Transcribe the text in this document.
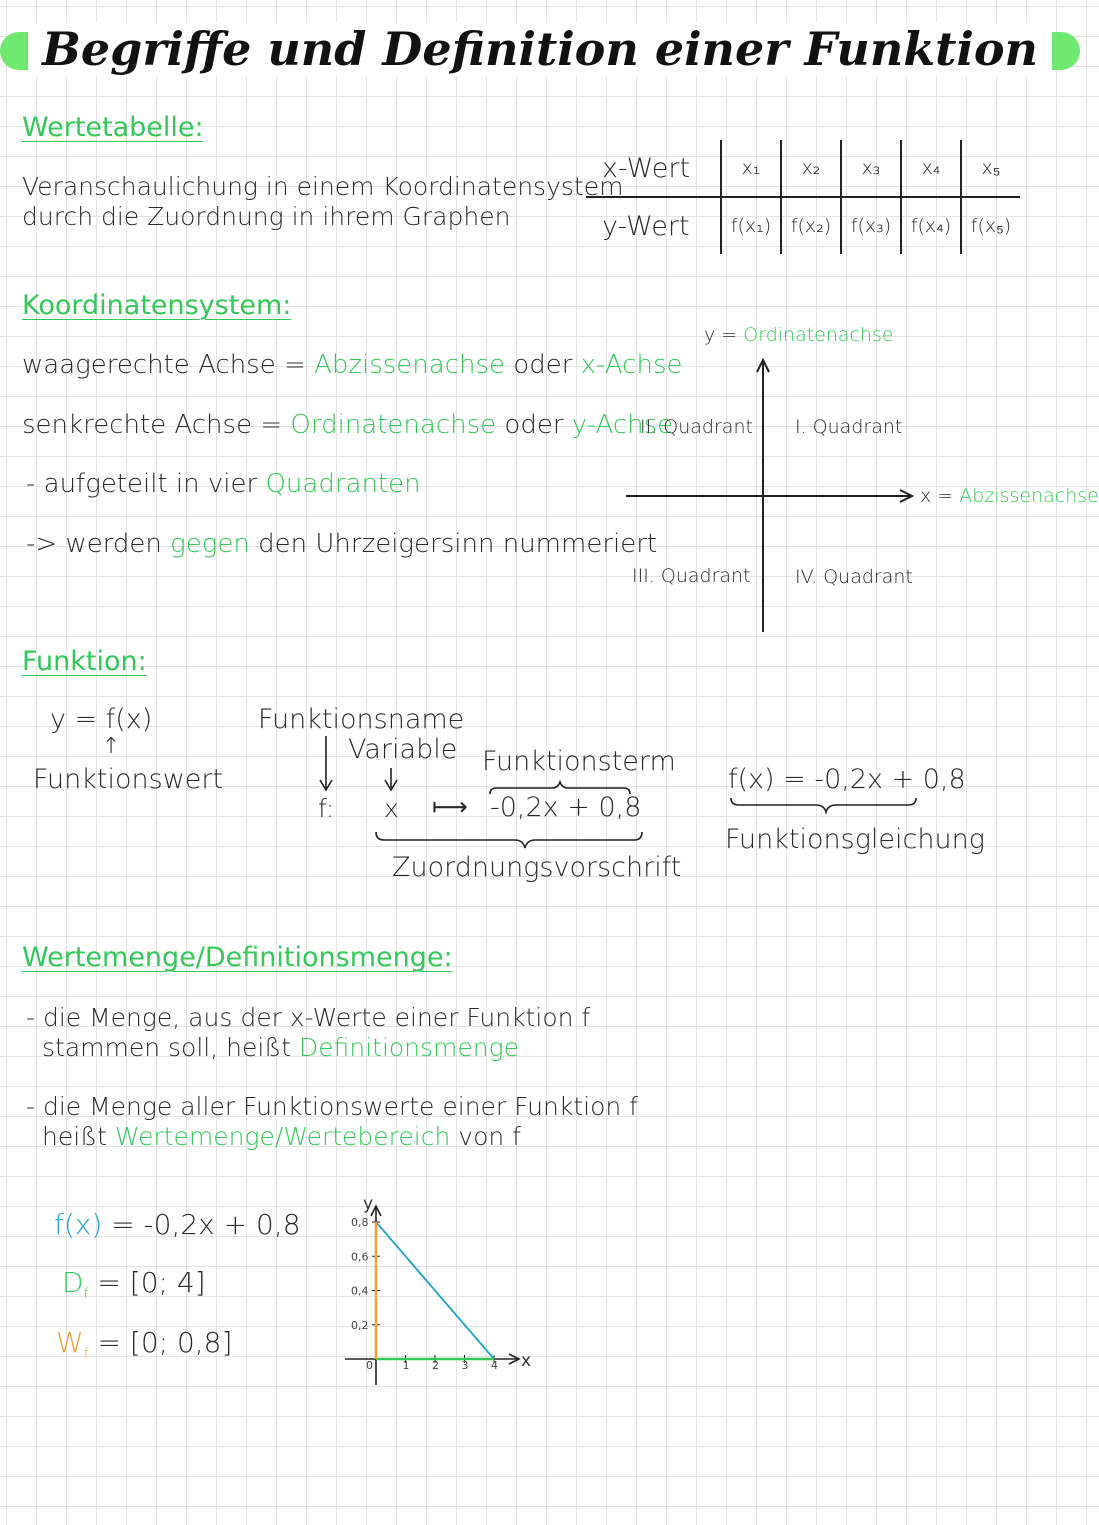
Begriffe und Definition einer Funktion
Wertetabelle:
Veranschaulichung in einem Koordinatensystem
durch die Zuordnung in ihrem Graphen
x-Wert	x₁	x₂	x₃	x₄	x₅
y-Wert	f(x₁)	f(x₂)	f(x₃)	f(x₄)	f(x₅)
Koordinatensystem:
waagerechte Achse = Abzissenachse oder x-Achse
senkrechte Achse = Ordinatenachse oder y-Achse
- aufgeteilt in vier Quadranten
-> werden gegen den Uhrzeigersinn nummeriert
y = Ordinatenachse
x = Abzissenachse
I. Quadrant
II. Quadrant
III. Quadrant IV. Quadrant
Funktion:
y = f(x)
↑
Funktionswert
Funktionsname
Variable Funktionsterm
f: x ⟼ -0,2x + 0,8
Zuordnungsvorschrift
f(x) = -0,2x + 0,8
Funktionsgleichung
Wertemenge/Definitionsmenge:
- die Menge, aus der x-Werte einer Funktion f
stammen soll, heißt Definitionsmenge
- die Menge aller Funktionswerte einer Funktion f
heißt Wertemenge/Wertebereich von f
f(x) = -0,2x + 0,8
$D_f = [0$; 4]
$W_f = [0$; 0,8]
x
y
0	1 2 3 4
0,2
0,4
0,6
0,8
